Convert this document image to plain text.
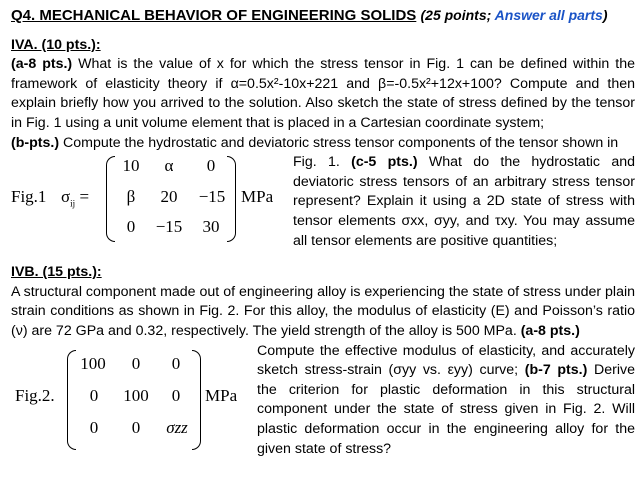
Q4. MECHANICAL BEHAVIOR OF ENGINEERING SOLIDS (25 points; Answer all parts)
IVA. (10 pts.):

(a-8 pts.) What is the value of x for which the stress tensor in Fig. 1 can be defined within the framework of elasticity theory if α=0.5x²-10x+221 and β=-0.5x²+12x+100? Compute and then explain briefly how you arrived to the solution. Also sketch the state of stress defined by the tensor in Fig. 1 using a unit volume element that is placed in a Cartesian coordinate system;

(b-pts.) Compute the hydrostatic and deviatoric stress tensor components of the tensor shown in

Fig.1 $\sigma_{ij}$ =
10	α	0
β	20	−15
0	−15	30
MPa
Fig. 1. (c-5 pts.) What do the hydrostatic and deviatoric stress tensors of an arbitrary stress tensor represent? Explain it using a 2D state of stress with tensor elements σxx, σyy, and τxy. You may assume all tensor elements are positive quantities;
IVB. (15 pts.):

A structural component made out of engineering alloy is experiencing the state of stress under plain strain conditions as shown in Fig. 2. For this alloy, the modulus of elasticity (E) and Poisson’s ratio (ν) are 72 GPa and 0.32, respectively. The yield strength of the alloy is 500 MPa. (a-8 pts.)

Fig.2.
100	0	0
0	100	0
0	0	σzz
MPa
Compute the effective modulus of elasticity, and accurately sketch stress-strain (σyy vs. εyy) curve; (b-7 pts.) Derive the criterion for plastic deformation in this structural component under the state of stress given in Fig. 2. Will plastic deformation occur in the engineering alloy for the given state of stress?
